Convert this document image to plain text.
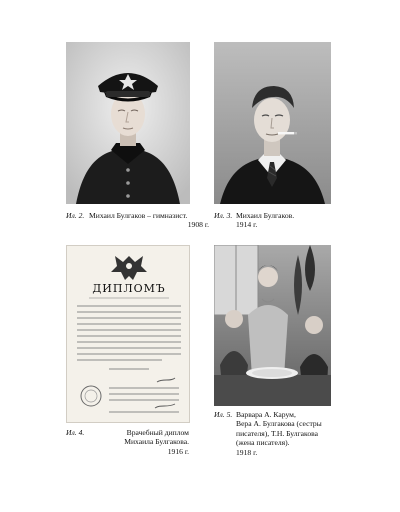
ДИПЛОМЪ
Ил. 2. Михаил Булгаков – гимназист.
1908 г.
Ил. 3. Михаил Булгаков.
1914 г.
Ил. 4.	Врачебный диплом
Михаила Булгакова.
1916 г.
Ил. 5. Варвара А. Карум,
Вера А. Булгакова (сестры
писателя), Т.Н. Булгакова
(жена писателя).
1918 г.
